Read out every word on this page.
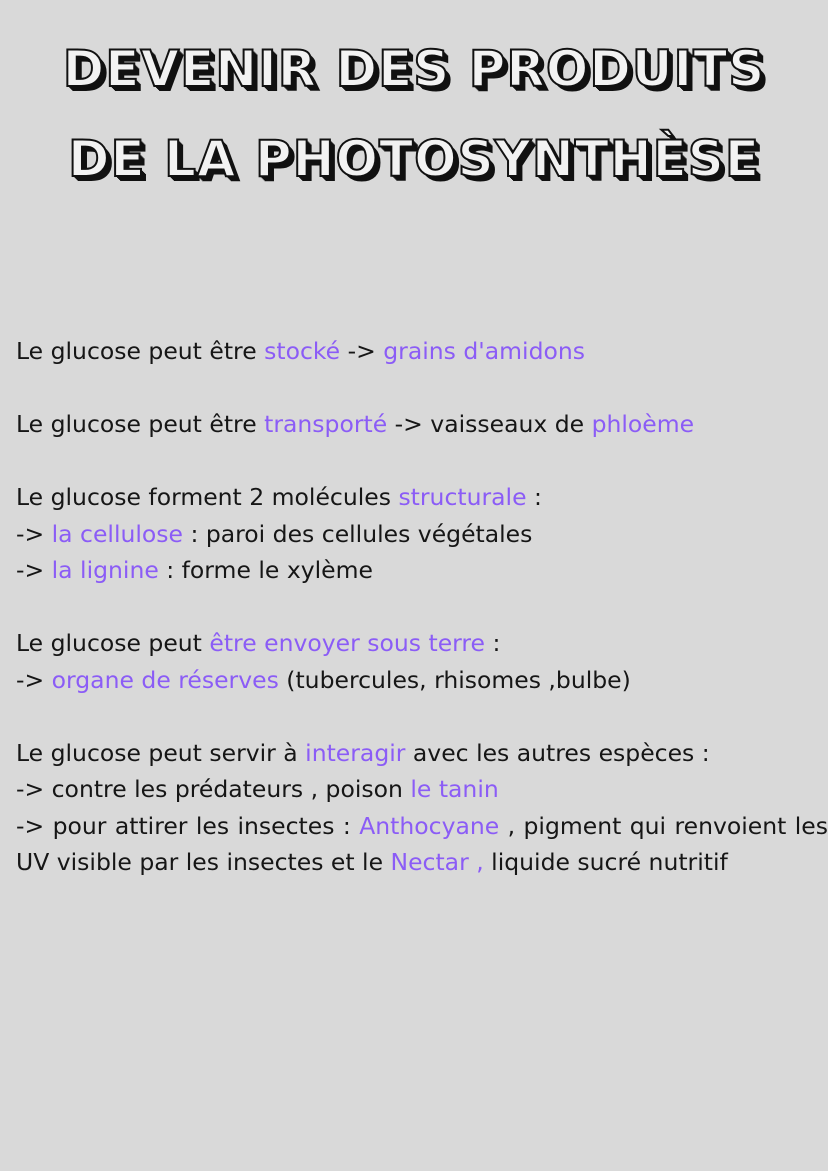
DEVENIR DES PRODUITS
DE LA PHOTOSYNTHÈSE
Le glucose peut être stocké -> grains d'amidons
Le glucose peut être transporté -> vaisseaux de phloème
Le glucose forment 2 molécules structurale :
-> la cellulose : paroi des cellules végétales
-> la lignine : forme le xylème
Le glucose peut être envoyer sous terre :
-> organe de réserves (tubercules, rhisomes ,bulbe)
Le glucose peut servir à interagir avec les autres espèces :
-> contre les prédateurs , poison le tanin
-> pour attirer les insectes : Anthocyane , pigment qui renvoient les UV visible par les insectes et le Nectar , liquide sucré nutritif
